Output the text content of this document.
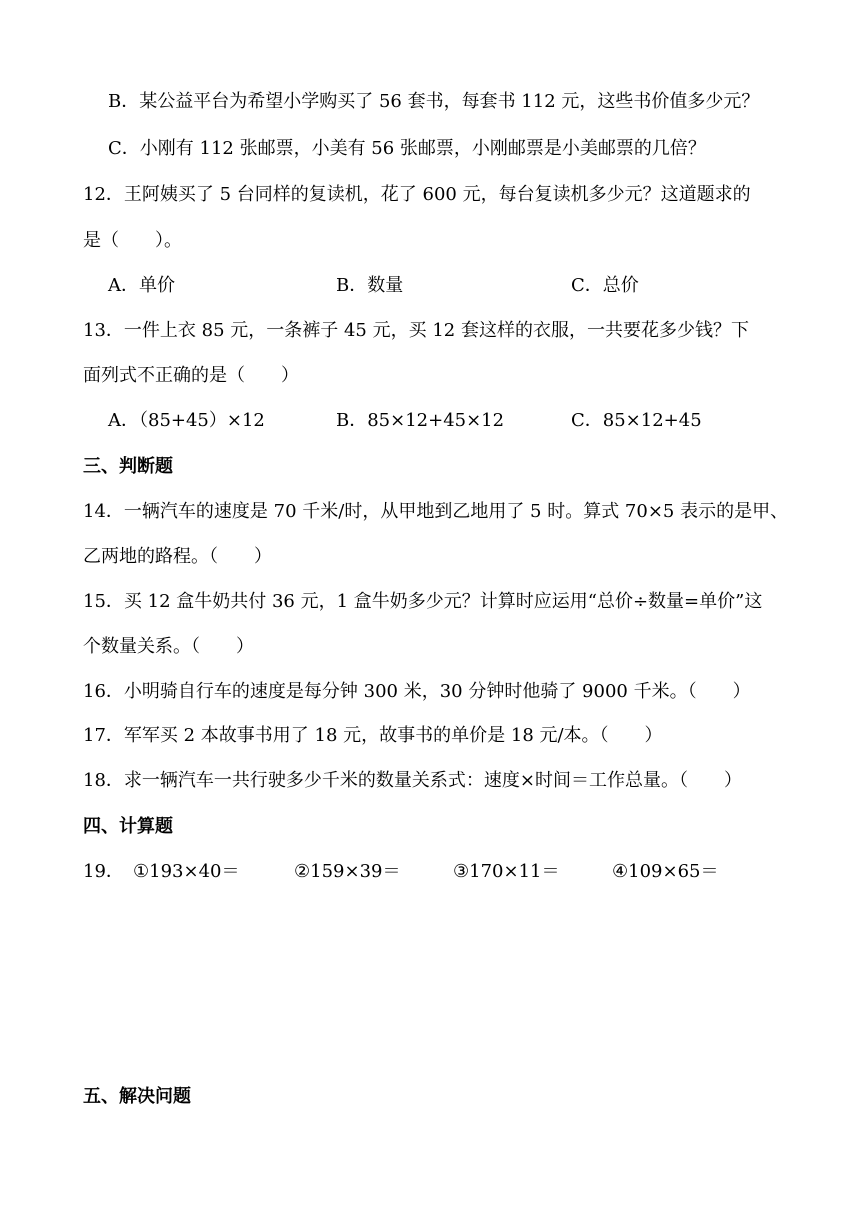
B．某公益平台为希望小学购买了 56 套书，每套书 112 元，这些书价值多少元？
C．小刚有 112 张邮票，小美有 56 张邮票，小刚邮票是小美邮票的几倍？
12．王阿姨买了 5 台同样的复读机，花了 600 元，每台复读机多少元？这道题求的
是（　　）。
A．单价	B．数量	C．总价
13．一件上衣 85 元，一条裤子 45 元，买 12 套这样的衣服，一共要花多少钱？下
面列式不正确的是（　　）
A．（85+45）×12	B．85×12+45×12	C．85×12+45
三、判断题
14．一辆汽车的速度是 70 千米/时，从甲地到乙地用了 5 时。算式 70×5 表示的是甲、
乙两地的路程。（　　）
15．买 12 盒牛奶共付 36 元，1 盒牛奶多少元？计算时应运用“总价÷数量=单价”这
个数量关系。（　　）
16．小明骑自行车的速度是每分钟 300 米，30 分钟时他骑了 9000 千米。（　　）
17．军军买 2 本故事书用了 18 元，故事书的单价是 18 元/本。（　　）
18．求一辆汽车一共行驶多少千米的数量关系式：速度×时间＝工作总量。（　　）
四、计算题
19． ①193×40＝	②159×39＝	③170×11＝	④109×65＝
五、解决问题
